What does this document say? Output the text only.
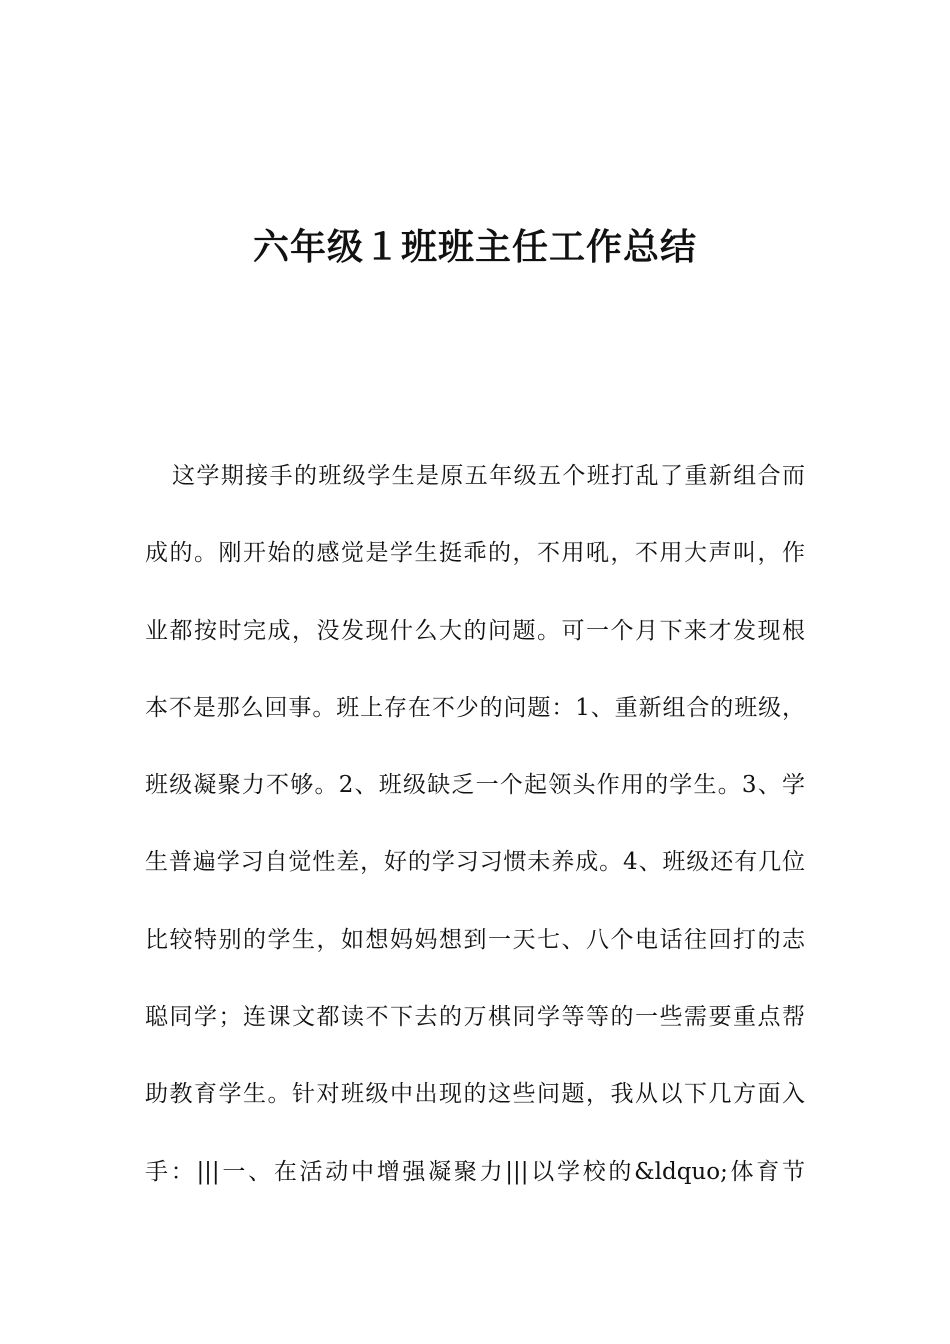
六年级１班班主任工作总结
这学期接手的班级学生是原五年级五个班打乱了重新组合而
成的。刚开始的感觉是学生挺乖的，不用吼，不用大声叫，作
业都按时完成，没发现什么大的问题。可一个月下来才发现根
本不是那么回事。班上存在不少的问题：1、重新组合的班级，
班级凝聚力不够。2、班级缺乏一个起领头作用的学生。3、学
生普遍学习自觉性差，好的学习习惯未养成。4、班级还有几位
比较特别的学生，如想妈妈想到一天七、八个电话往回打的志
聪同学；连课文都读不下去的万棋同学等等的一些需要重点帮
助教育学生。针对班级中出现的这些问题，我从以下几方面入
手：|||一、在活动中增强凝聚力|||以学校的&ldquo;体育节
